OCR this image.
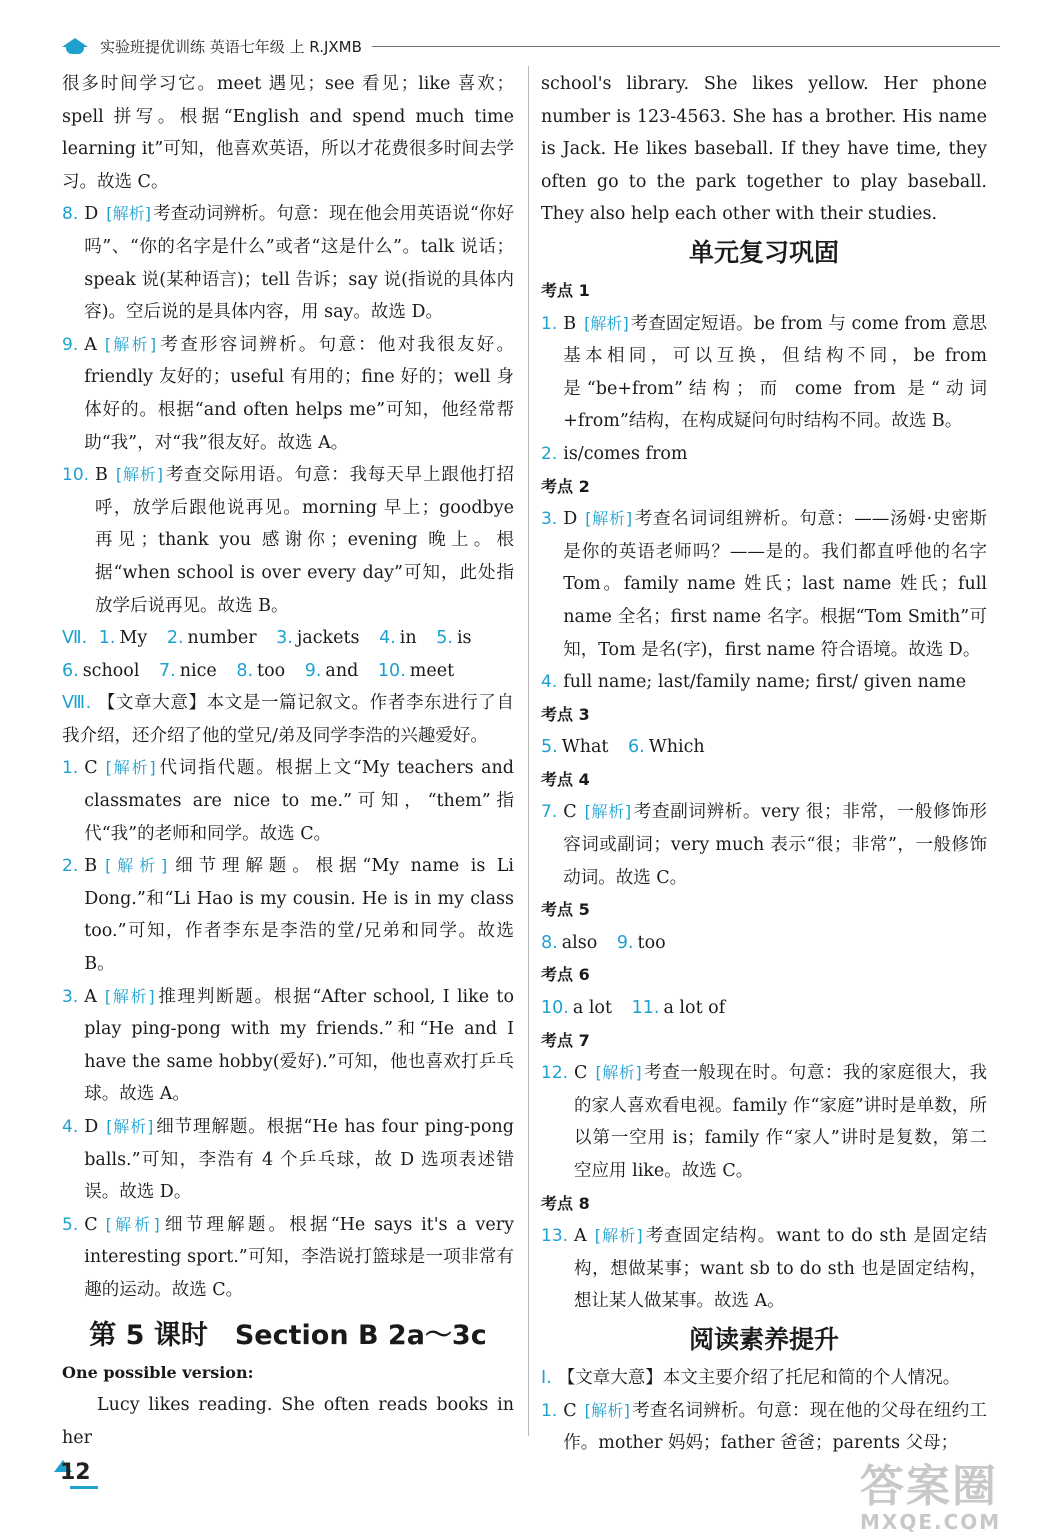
实验班提优训练 英语七年级 上 R.JXMB

很多时间学习它。meet 遇见；see 看见；like 喜欢；spell 拼写。根据“English and spend much time learning it”可知，他喜欢英语，所以才花费很多时间去学习。故选 C。

8. D [解析] 考查动词辨析。句意：现在他会用英语说“你好吗”、“你的名字是什么”或者“这是什么”。talk 说话；speak 说(某种语言)；tell 告诉；say 说(指说的具体内容)。空后说的是具体内容，用 say。故选 D。
9. A [解析] 考查形容词辨析。句意：他对我很友好。friendly 友好的；useful 有用的；fine 好的；well 身体好的。根据“and often helps me”可知，他经常帮助“我”，对“我”很友好。故选 A。
10. B [解析] 考查交际用语。句意：我每天早上跟他打招呼，放学后跟他说再见。morning 早上；goodbye 再见；thank you 感谢你；evening 晚上。根据“when school is over every day”可知，此处指放学后说再见。故选 B。

Ⅶ. 1. My 2. number 3. jackets 4. in 5. is

6. school 7. nice 8. too 9. and 10. meet

Ⅷ. 【文章大意】本文是一篇记叙文。作者李东进行了自我介绍，还介绍了他的堂兄/弟及同学李浩的兴趣爱好。

1. C [解析] 代词指代题。根据上文“My teachers and classmates are nice to me.”可知，“them”指代“我”的老师和同学。故选 C。
2. B [解析] 细节理解题。根据“My name is Li Dong.”和“Li Hao is my cousin. He is in my class too.”可知，作者李东是李浩的堂/兄弟和同学。故选 B。
3. A [解析] 推理判断题。根据“After school, I like to play ping-pong with my friends.”和“He and I have the same hobby(爱好).”可知，他也喜欢打乒乓球。故选 A。
4. D [解析] 细节理解题。根据“He has four ping-pong balls.”可知，李浩有 4 个乒乓球，故 D 选项表述错误。故选 D。
5. C [解析] 细节理解题。根据“He says it's a very interesting sport.”可知，李浩说打篮球是一项非常有趣的运动。故选 C。
第 5 课时　Section B 2a～3c

One possible version:

Lucy likes reading. She often reads books in her

school's library. She likes yellow. Her phone number is 123-4563. She has a brother. His name is Jack. He likes baseball. If they have time, they often go to the park together to play baseball. They also help each other with their studies.

单元复习巩固

考点 1

1. B [解析] 考查固定短语。be from 与 come from 意思基本相同，可以互换，但结构不同，be from 是“be+from”结构；而 come from 是“动词+from”结构，在构成疑问句时结构不同。故选 B。
2. is/comes from

考点 2

3. D [解析] 考查名词词组辨析。句意：——汤姆·史密斯是你的英语老师吗？——是的。我们都直呼他的名字 Tom。family name 姓氏；last name 姓氏；full name 全名；first name 名字。根据“Tom Smith”可知，Tom 是名(字)，first name 符合语境。故选 D。
4. full name; last/family name; first/ given name

考点 3

5. What 6. Which

考点 4

7. C [解析] 考查副词辨析。very 很；非常，一般修饰形容词或副词；very much 表示“很；非常”，一般修饰动词。故选 C。

考点 5

8. also 9. too

考点 6

10. a lot 11. a lot of

考点 7

12. C [解析] 考查一般现在时。句意：我的家庭很大，我的家人喜欢看电视。family 作“家庭”讲时是单数，所以第一空用 is；family 作“家人”讲时是复数，第二空应用 like。故选 C。

考点 8

13. A [解析] 考查固定结构。want to do sth 是固定结构，想做某事；want sb to do sth 也是固定结构，想让某人做某事。故选 A。
阅读素养提升

Ⅰ. 【文章大意】本文主要介绍了托尼和简的个人情况。

1. C [解析] 考查名词辨析。句意：现在他的父母在纽约工作。mother 妈妈；father 爸爸；parents 父母；
12	答案圈
MXQE.COM
